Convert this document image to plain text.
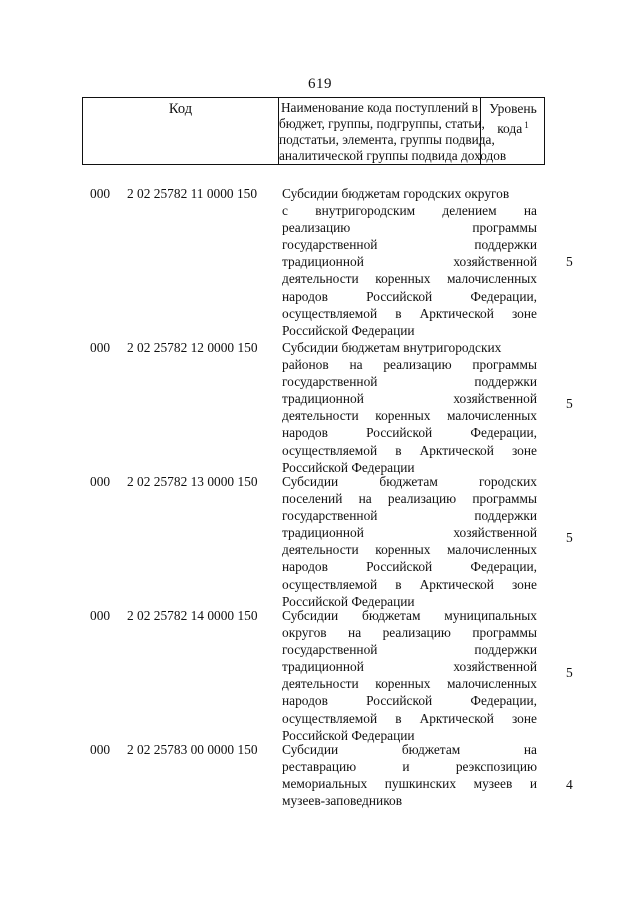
619
Код	Наименование кода поступлений в
бюджет, группы, подгруппы, статьи,
подстатьи, элемента, группы подвида,
аналитической группы подвида доходов
Уровень
кода $^1$
000 2 02 25782 11 0000 150 Субсидии бюджетам городских округов
с внутригородским делением на
реализацию программы
государственной поддержки
традиционной хозяйственной
деятельности коренных малочисленных
народов Российской Федерации,
осуществляемой в Арктической зоне
Российской Федерации
5
000 2 02 25782 12 0000 150 Субсидии бюджетам внутригородских
районов на реализацию программы
государственной поддержки
традиционной хозяйственной
деятельности коренных малочисленных
народов Российской Федерации,
осуществляемой в Арктической зоне
Российской Федерации
5
000 2 02 25782 13 0000 150 Субсидии бюджетам городских
поселений на реализацию программы
государственной поддержки
традиционной хозяйственной
деятельности коренных малочисленных
народов Российской Федерации,
осуществляемой в Арктической зоне
Российской Федерации
5
000 2 02 25782 14 0000 150 Субсидии бюджетам муниципальных
округов на реализацию программы
государственной поддержки
традиционной хозяйственной
деятельности коренных малочисленных
народов Российской Федерации,
осуществляемой в Арктической зоне
Российской Федерации
5
000 2 02 25783 00 0000 150 Субсидии бюджетам на
реставрацию и реэкспозицию
мемориальных пушкинских музеев и
музеев-заповедников
4
